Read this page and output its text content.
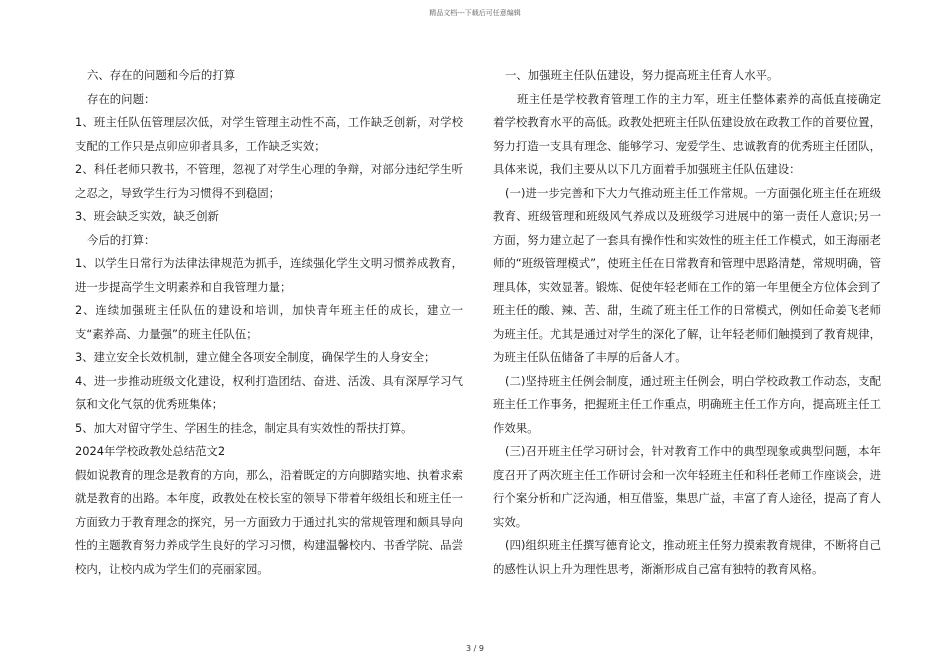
精品文档---下载后可任意编辑

六、存在的问题和今后的打算

存在的问题：

1、班主任队伍管理层次低，对学生管理主动性不高，工作缺乏创新，对学校支配的工作只是点卯应卯者具多，工作缺乏实效；

2、科任老师只教书，不管理，忽视了对学生心理的争辩，对部分违纪学生听之忍之，导致学生行为习惯得不到稳固；

3、班会缺乏实效，缺乏创新

今后的打算：

1、以学生日常行为法律法律规范为抓手，连续强化学生文明习惯养成教育，进一步提高学生文明素养和自我管理力量；

2、连续加强班主任队伍的建设和培训，加快青年班主任的成长，建立一支“素养高、力量强”的班主任队伍；

3、建立安全长效机制，建立健全各项安全制度，确保学生的人身安全；

4、进一步推动班级文化建设，权利打造团结、奋进、活泼、具有深厚学习气氛和文化气氛的优秀班集体；

5、加大对留守学生、学困生的挂念，制定具有实效性的帮扶打算。

2024年学校政教处总结范文2

假如说教育的理念是教育的方向，那么，沿着既定的方向脚踏实地、执着求索就是教育的出路。本年度，政教处在校长室的领导下带着年级组长和班主任一方面致力于教育理念的探究，另一方面致力于通过扎实的常规管理和颇具导向性的主题教育努力养成学生良好的学习习惯，构建温馨校内、书香学院、品尝校内，让校内成为学生们的亮丽家园。

一、加强班主任队伍建设，努力提高班主任育人水平。

班主任是学校教育管理工作的主力军，班主任整体素养的高低直接确定着学校教育水平的高低。政教处把班主任队伍建设放在政教工作的首要位置，努力打造一支具有理念、能够学习、宠爱学生、忠诚教育的优秀班主任团队，具体来说，我们主要从以下几方面着手加强班主任队伍建设：

(一)进一步完善和下大力气推动班主任工作常规。一方面强化班主任在班级教育、班级管理和班级风气养成以及班级学习进展中的第一责任人意识;另一方面，努力建立起了一套具有操作性和实效性的班主任工作模式，如王海丽老师的“班级管理模式”，使班主任在日常教育和管理中思路清楚，常规明确，管理具体，实效显著。锻炼、促使年轻老师在工作的第一年里便全方位体会到了班主任的酸、辣、苦、甜，生疏了班主任工作的日常模式，例如任命姜飞老师为班主任。尤其是通过对学生的深化了解，让年轻老师们触摸到了教育规律，为班主任队伍储备了丰厚的后备人才。

(二)坚持班主任例会制度，通过班主任例会，明白学校政教工作动态，支配班主任工作事务，把握班主任工作重点，明确班主任工作方向，提高班主任工作效果。

(三)召开班主任学习研讨会，针对教育工作中的典型现象或典型问题，本年度召开了两次班主任工作研讨会和一次年轻班主任和科任老师工作座谈会，进行个案分析和广泛沟通，相互借鉴，集思广益，丰富了育人途径，提高了育人实效。

(四)组织班主任撰写德育论文，推动班主任努力摸索教育规律，不断将自己的感性认识上升为理性思考，渐渐形成自己富有独特的教育风格。

3 / 9
